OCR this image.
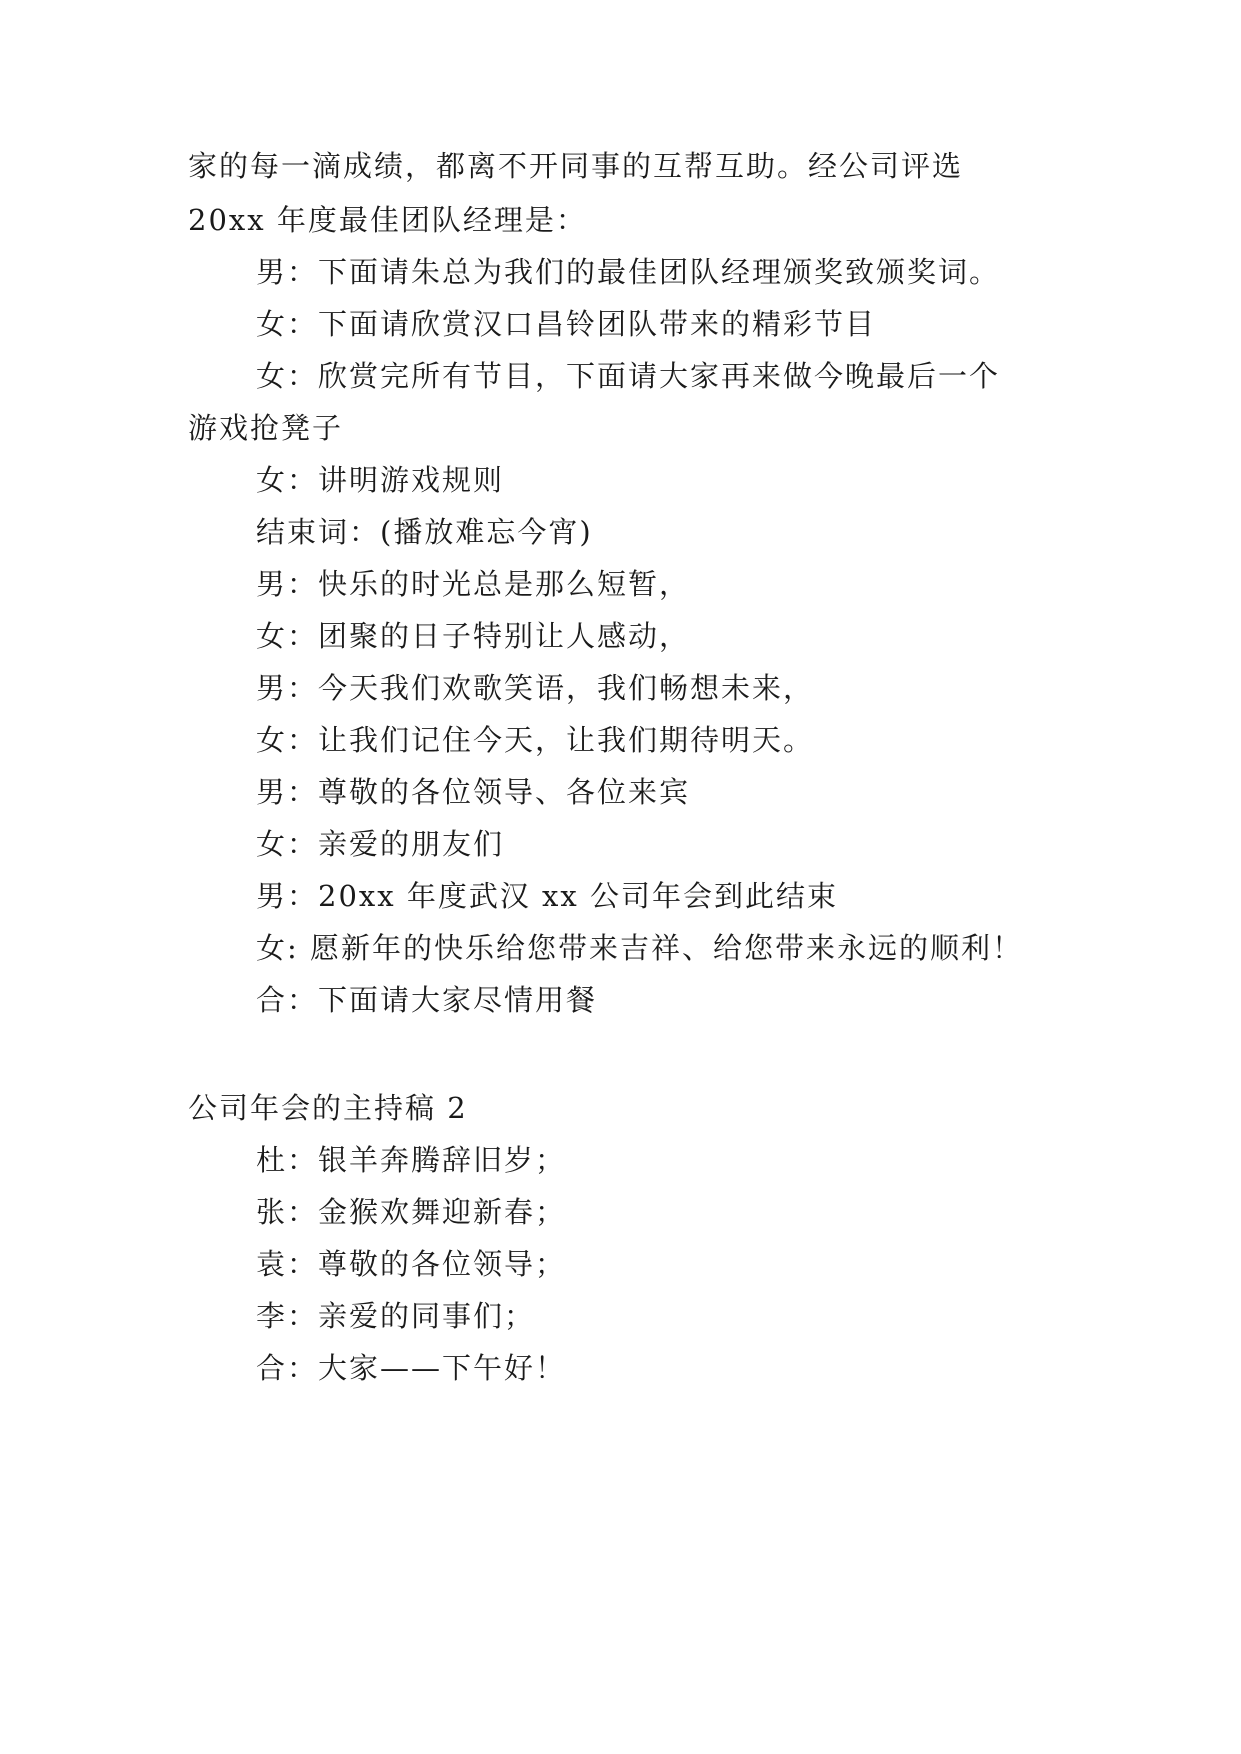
家的每一滴成绩，都离不开同事的互帮互助。经公司评选
20xx 年度最佳团队经理是：
男：下面请朱总为我们的最佳团队经理颁奖致颁奖词。
女：下面请欣赏汉口昌铃团队带来的精彩节目
女：欣赏完所有节目，下面请大家再来做今晚最后一个
游戏抢凳子
女：讲明游戏规则
结束词：(播放难忘今宵)
男：快乐的时光总是那么短暂，
女：团聚的日子特别让人感动，
男：今天我们欢歌笑语，我们畅想未来，
女：让我们记住今天，让我们期待明天。
男：尊敬的各位领导、各位来宾
女：亲爱的朋友们
男：20xx 年度武汉 xx 公司年会到此结束
女: 愿新年的快乐给您带来吉祥、给您带来永远的顺利！
合：下面请大家尽情用餐
公司年会的主持稿 2
杜：银羊奔腾辞旧岁；
张：金猴欢舞迎新春；
袁：尊敬的各位领导；
李：亲爱的同事们；
合：大家——下午好！
